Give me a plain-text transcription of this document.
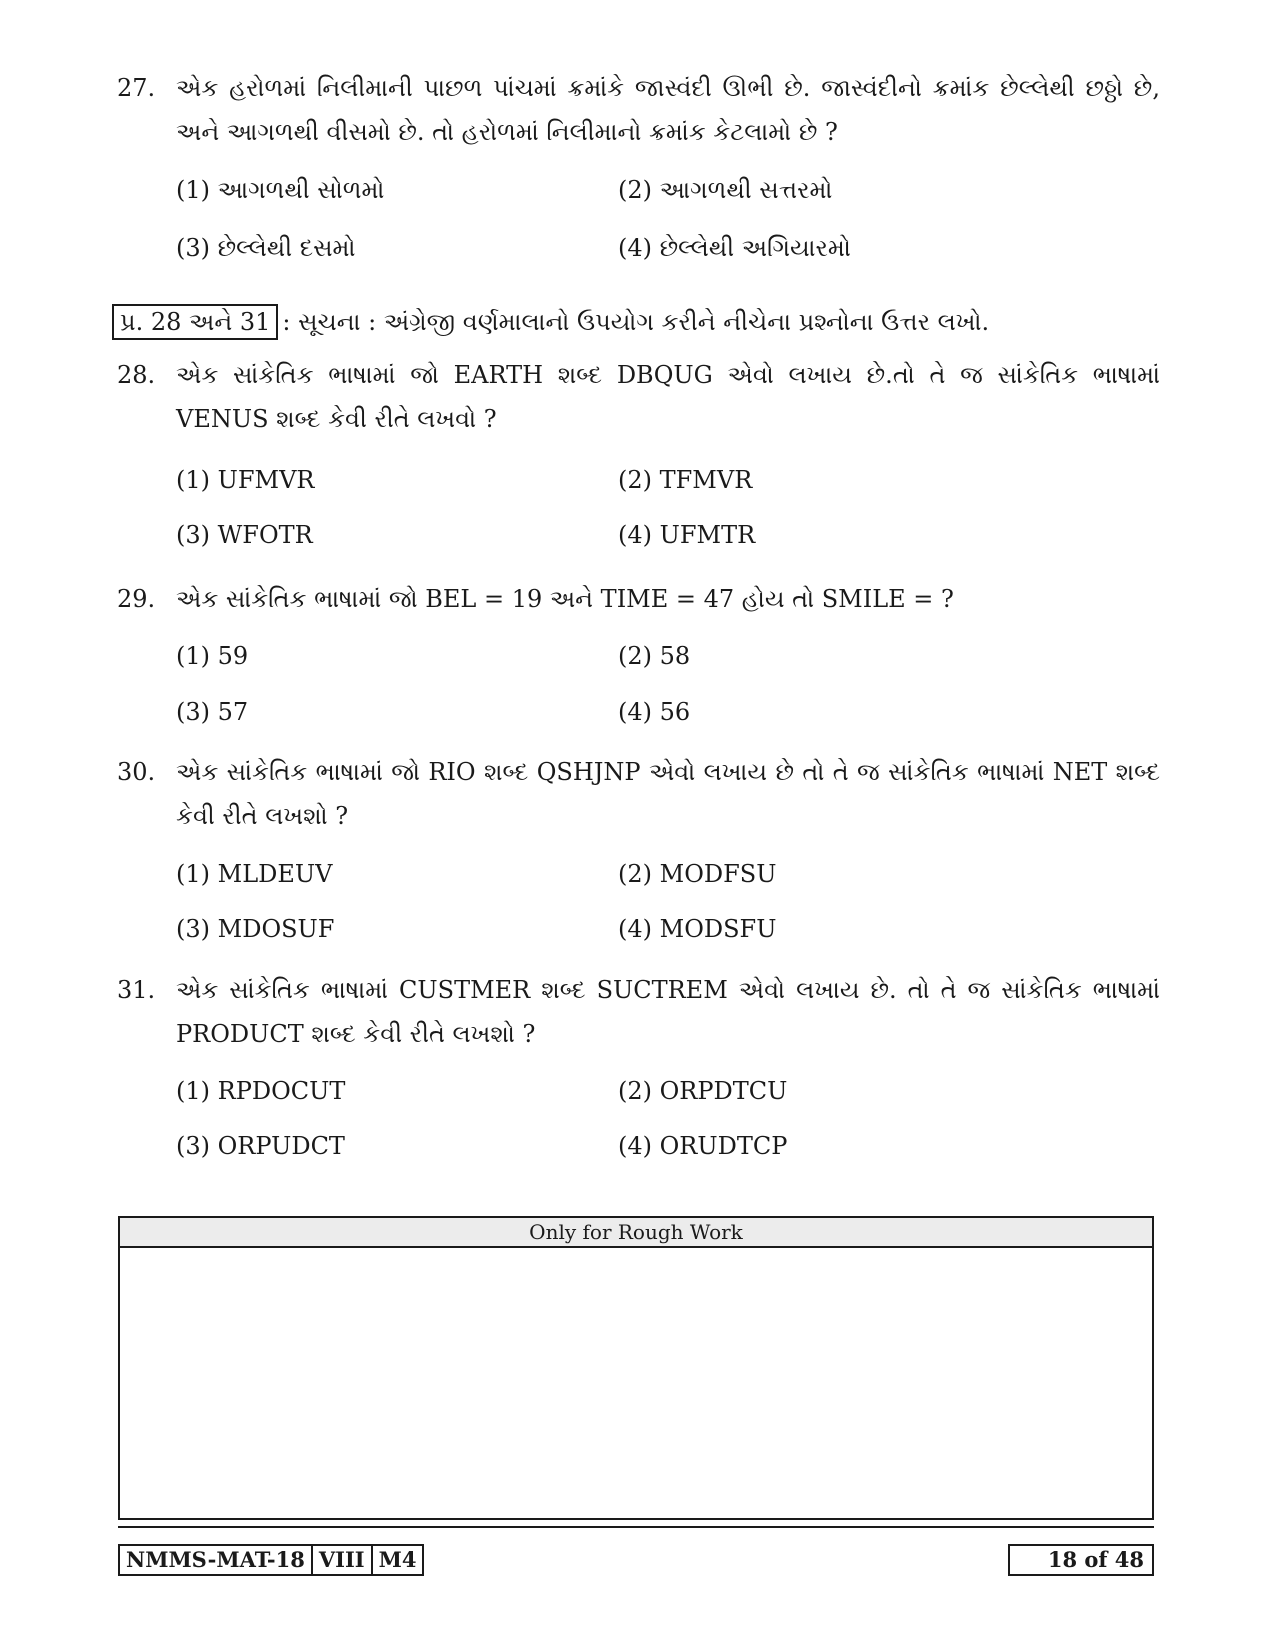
27. એક હરોળમાં નિલીમાની પાછળ પાંચમાં ક્રમાંકે જાસ્વંદી ઊભી છે. જાસ્વંદીનો ક્રમાંક છેલ્લેથી છઠ્ઠો છે, અને આગળથી વીસમો છે. તો હરોળમાં નિલીમાનો ક્રમાંક કેટલામો છે ?
(1) આગળથી સોળમો	(2) આગળથી સત્તરમો
(3) છેલ્લેથી દસમો	(4) છેલ્લેથી અગિયારમો
પ્ર. 28 અને 31 : સૂચના : અંગ્રેજી વર્ણમાલાનો ઉપયોગ કરીને નીચેના પ્રશ્નોના ઉત્તર લખો.
28. એક સાંકેતિક ભાષામાં જો EARTH શબ્દ DBQUG એવો લખાય છે.તો તે જ સાંકેતિક ભાષામાં VENUS શબ્દ કેવી રીતે લખવો ?
(1) UFMVR	(2) TFMVR
(3) WFOTR	(4) UFMTR
29. એક સાંકેતિક ભાષામાં જો BEL = 19 અને TIME = 47 હોય તો SMILE = ?
(1) 59	(2) 58
(3) 57	(4) 56
30. એક સાંકેતિક ભાષામાં જો RIO શબ્દ QSHJNP એવો લખાય છે તો તે જ સાંકેતિક ભાષામાં NET શબ્દ કેવી રીતે લખશો ?
(1) MLDEUV	(2) MODFSU
(3) MDOSUF	(4) MODSFU
31. એક સાંકેતિક ભાષામાં CUSTMER શબ્દ SUCTREM એવો લખાય છે. તો તે જ સાંકેતિક ભાષામાં PRODUCT શબ્દ કેવી રીતે લખશો ?
(1) RPDOCUT	(2) ORPDTCU
(3) ORPUDCT	(4) ORUDTCP
Only for Rough Work
NMMS-MAT-18 VIII M4	18 of 48
